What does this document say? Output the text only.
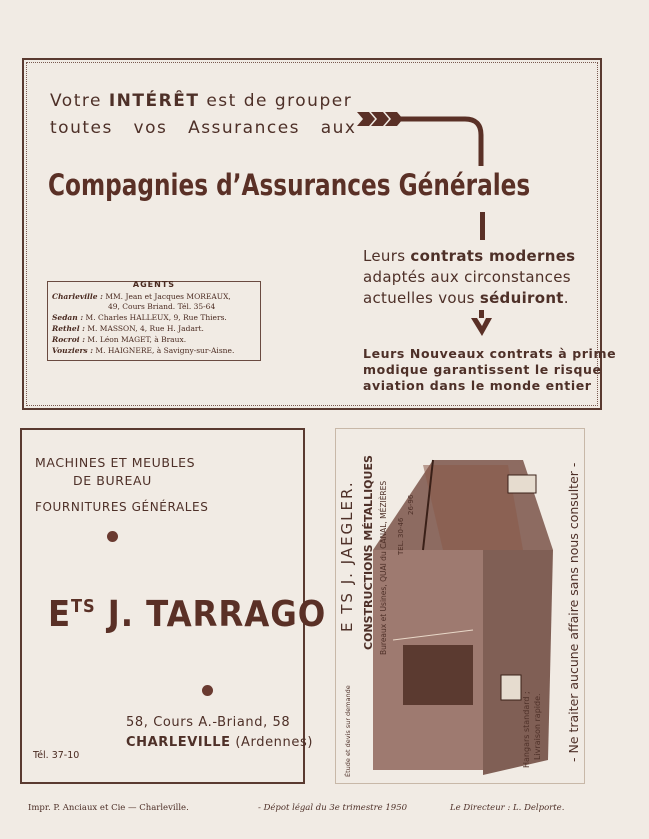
Votre INTÉRÊT est de grouper
toutes   vos   Assurances   aux
Compagnies d’Assurances Générales
Leurs contrats modernes
adaptés aux circonstances
actuelles vous séduiront.
Leurs Nouveaux contrats à prime
modique garantissent le risque
aviation dans le monde entier
AGENTS
Charleville : MM. Jean et Jacques MOREAUX,
49, Cours Briand. Tél. 35-64
Sedan : M. Charles HALLEUX, 9, Rue Thiers.
Rethel : M. MASSON, 4, Rue H. Jadart.
Rocroi : M. Léon MAGET, à Braux.
Vouziers : M. HAIGNERE, à Savigny-sur-Aisne.
MACHINES ET MEUBLES
DE BUREAU
FOURNITURES GÉNÉRALES
$E^{TS}$ J. TARRAGO
58, Cours A.-Briand, 58
CHARLEVILLE (Ardennes)
Tél. 37-10
E TS J. JAEGLER. CONSTRUCTIONS MÉTALLIQUES Bureaux et Usines, QUAI du CANAL, MÉZIÈRES TEL. 30-46
26-96
Étude et devis sur demande	Hangars standard ; Livraison rapide. - Ne traiter aucune affaire sans nous consulter -
Impr. P. Anciaux et Cie — Charleville.	- Dépot légal du 3e trimestre 1950	Le Directeur : L. Delporte.
